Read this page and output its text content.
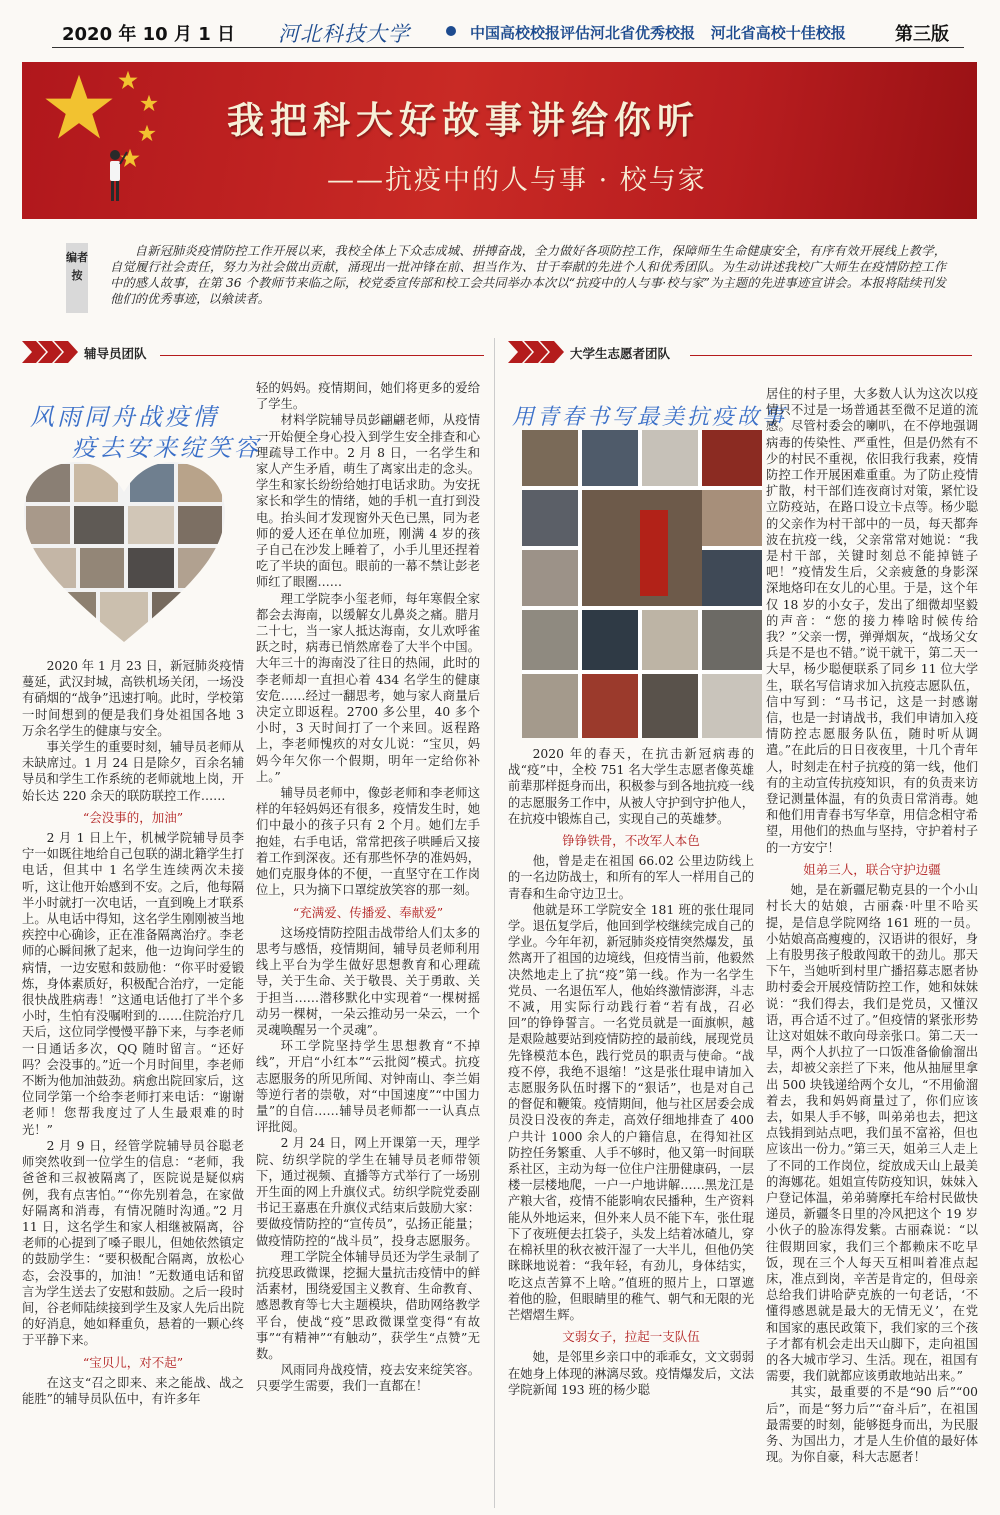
2020 年 10 月 1 日 河北科技大学	中国高校校报评估河北省优秀校报 河北省高校十佳校报	第三版
我把科大好故事讲给你听
——抗疫中的人与事 · 校与家
编者按
自新冠肺炎疫情防控工作开展以来，我校全体上下众志成城、拼搏奋战，全力做好各项防控工作，保障师生生命健康安全，有序有效开展线上教学，自觉履行社会责任，努力为社会做出贡献，涌现出一批冲锋在前、担当作为、甘于奉献的先进个人和优秀团队。为生动讲述我校广大师生在疫情防控工作中的感人故事，在第 36 个教师节来临之际，校党委宣传部和校工会共同举办本次以“抗疫中的人与事·校与家”为主题的先进事迹宣讲会。本报将陆续刊发他们的优秀事迹，以飨读者。
辅导员团队	大学生志愿者团队
风雨同舟战疫情
疫去安来绽笑容

2020 年 1 月 23 日，新冠肺炎疫情蔓延，武汉封城，高铁机场关闭，一场没有硝烟的“战争”迅速打响。此时，学校第一时间想到的便是我们身处祖国各地 3 万余名学生的健康与安全。

事关学生的重要时刻，辅导员老师从未缺席过。1 月 24 日是除夕，百余名辅导员和学生工作系统的老师就地上岗，开始长达 220 余天的联防联控工作……

“会没事的，加油”

2 月 1 日上午，机械学院辅导员李宁一如既往地给自己包联的湖北籍学生打电话，但其中 1 名学生连续两次未接听，这让他开始感到不安。之后，他每隔半小时就打一次电话，一直到晚上才联系上。从电话中得知，这名学生刚刚被当地疾控中心确诊，正在准备隔离治疗。李老师的心瞬间揪了起来，他一边询问学生的病情，一边安慰和鼓励他：“你平时爱锻炼，身体素质好，积极配合治疗，一定能很快战胜病毒！”这通电话他打了半个多小时，生怕有没嘱咐到的……住院治疗几天后，这位同学慢慢平静下来，与李老师一日通话多次，QQ 随时留言。“还好吗？会没事的。”近一个月时间里，李老师不断为他加油鼓劲。病愈出院回家后，这位同学第一个给李老师打来电话：“谢谢老师！您帮我度过了人生最艰难的时光！”

2 月 9 日，经管学院辅导员谷聪老师突然收到一位学生的信息：“老师，我爸爸和三叔被隔离了，医院说是疑似病例，我有点害怕。”“你先别着急，在家做好隔离和消毒，有情况随时沟通。”2 月 11 日，这名学生和家人相继被隔离，谷老师的心提到了嗓子眼儿，但她依然镇定的鼓励学生：“要积极配合隔离，放松心态，会没事的，加油！”无数通电话和留言为学生送去了安慰和鼓励。之后一段时间，谷老师陆续接到学生及家人先后出院的好消息，她如释重负，悬着的一颗心终于平静下来。

“宝贝儿，对不起”

在这支“召之即来、来之能战、战之能胜”的辅导员队伍中，有许多年

轻的妈妈。疫情期间，她们将更多的爱给了学生。

材料学院辅导员彭翩翩老师，从疫情一开始便全身心投入到学生安全排查和心理疏导工作中。2 月 8 日，一名学生和家人产生矛盾，萌生了离家出走的念头。学生和家长纷纷给她打电话求助。为安抚家长和学生的情绪，她的手机一直打到没电。抬头间才发现窗外天色已黑，同为老师的爱人还在单位加班，刚满 4 岁的孩子自己在沙发上睡着了，小手儿里还捏着吃了半块的面包。眼前的一幕不禁让彭老师红了眼圈……

理工学院李小玺老师，每年寒假全家都会去海南，以缓解女儿鼻炎之痛。腊月二十七，当一家人抵达海南，女儿欢呼雀跃之时，病毒已悄然席卷了大半个中国。大年三十的海南没了往日的热闹，此时的李老师却一直担心着 434 名学生的健康安危……经过一翻思考，她与家人商量后决定立即返程。2700 多公里，40 多个小时，3 天时间打了一个来回。返程路上，李老师愧疚的对女儿说：“宝贝，妈妈今年欠你一个假期，明年一定给你补上。”

辅导员老师中，像彭老师和李老师这样的年轻妈妈还有很多，疫情发生时，她们中最小的孩子只有 2 个月。她们左手抱娃，右手电话，常常把孩子哄睡后又接着工作到深夜。还有那些怀孕的准妈妈，她们克服身体的不便，一直坚守在工作岗位上，只为摘下口罩绽放笑容的那一刻。

“充满爱、传播爱、奉献爱”

这场疫情防控阻击战带给人们太多的思考与感悟，疫情期间，辅导员老师利用线上平台为学生做好思想教育和心理疏导，关于生命、关于敬畏、关于勇敢、关于担当……潜移默化中实现着“一棵树摇动另一棵树，一朵云推动另一朵云，一个灵魂唤醒另一个灵魂”。

环工学院坚持学生思想教育“不掉线”，开启“小红本”“云批阅”模式。抗疫志愿服务的所见所闻、对钟南山、李兰娟等逆行者的崇敬，对“中国速度”“中国力量”的自信……辅导员老师都一一认真点评批阅。

2 月 24 日，网上开课第一天，理学院、纺织学院的学生在辅导员老师带领下，通过视频、直播等方式举行了一场别开生面的网上升旗仪式。纺织学院党委副书记王嘉惠在升旗仪式结束后鼓励大家：要做疫情防控的“宣传员”，弘扬正能量；做疫情防控的“战斗员”，投身志愿服务。

理工学院全体辅导员还为学生录制了抗疫思政微课，挖掘大量抗击疫情中的鲜活素材，围绕爱国主义教育、生命教育、感恩教育等七大主题模块，借助网络教学平台，使战“疫”思政微课堂变得“有故事”“有精神”“有触动”，获学生“点赞”无数。

风雨同舟战疫情，疫去安来绽笑容。只要学生需要，我们一直都在！

用青春书写最美抗疫故事

2020 年的春天，在抗击新冠病毒的战“疫”中，全校 751 名大学生志愿者像英雄前辈那样挺身而出，积极参与到各地抗疫一线的志愿服务工作中，从被人守护到守护他人，在抗疫中锻炼自己，实现自己的英雄梦。

铮铮铁骨，不改军人本色

他，曾是走在祖国 66.02 公里边防线上的一名边防战士，和所有的军人一样用自己的青春和生命守边卫士。

他就是环工学院安全 181 班的张仕琨同学。退伍复学后，他回到学校继续完成自己的学业。今年年初，新冠肺炎疫情突然爆发，虽然离开了祖国的边境线，但疫情当前，他毅然决然地走上了抗“疫”第一线。作为一名学生党员、一名退伍军人，他始终激情澎湃，斗志不减，用实际行动践行着“若有战，召必回”的铮铮誓言。一名党员就是一面旗帜，越是艰险越要站到疫情防控的最前线，展现党员先锋模范本色，践行党员的职责与使命。“战疫不停，我绝不退缩！”这是张仕琨申请加入志愿服务队伍时撂下的“狠话”，也是对自己的督促和鞭策。疫情期间，他与社区居委会成员没日没夜的奔走，高效仔细地排查了 400 户共计 1000 余人的户籍信息，在得知社区防控任务繁重、人手不够时，他又第一时间联系社区，主动为每一位住户注册健康码，一层楼一层楼地爬，一户一户地讲解……黑龙江是产粮大省，疫情不能影响农民播种，生产资料能从外地运来，但外来人员不能下车，张仕琨下了夜班便去扛袋子，头发上结着冰碴儿，穿在棉袄里的秋衣被汗湿了一大半儿，但他仍笑眯眯地说着：“我年轻，有劲儿，身体结实，吃这点苦算不上啥。”值班的照片上，口罩遮着他的脸，但眼睛里的稚气、朝气和无限的光芒熠熠生辉。

文弱女子，拉起一支队伍

她，是邻里乡亲口中的乖乖女，文文弱弱在她身上体现的淋漓尽致。疫情爆发后，文法学院新闻 193 班的杨少聪

居住的村子里，大多数人认为这次以疫情只不过是一场普通甚至微不足道的流感。尽管村委会的喇叭，在不停地强调病毒的传染性、严重性，但是仍然有不少的村民不重视，依旧我行我素，疫情防控工作开展困难重重。为了防止疫情扩散，村干部们连夜商讨对策，紧忙设立防疫站，在路口设立卡点等。杨少聪的父亲作为村干部中的一员，每天都奔波在抗疫一线，父亲常常对她说：“我是村干部，关键时刻总不能掉链子吧！”疫情发生后，父亲疲惫的身影深深地烙印在女儿的心里。于是，这个年仅 18 岁的小女子，发出了细微却坚毅的声音：“您的接力棒啥时候传给我？”父亲一愣，弹弹烟灰，“战场父女兵是不是也不错。”说干就干，第二天一大早，杨少聪便联系了同乡 11 位大学生，联名写信请求加入抗疫志愿队伍，信中写到：“马书记，这是一封感谢信，也是一封请战书，我们申请加入疫情防控志愿服务队伍，随时听从调遣。”在此后的日日夜夜里，十几个青年人，时刻走在村子抗疫的第一线，他们有的主动宣传抗疫知识，有的负责来访登记测量体温，有的负责日常消毒。她和他们用青春书写华章，用信念相守希望，用他们的热血与坚持，守护着村子的一方安宁！

姐弟三人，联合守护边疆

她，是在新疆尼勒克县的一个小山村长大的姑娘，古丽森·叶里不哈买提，是信息学院网络 161 班的一员。小姑娘高高瘦瘦的，汉语讲的很好，身上有股男孩子般敢闯敢干的劲儿。那天下午，当她听到村里广播招募志愿者协助村委会开展疫情防控工作，她和妹妹说：“我们得去，我们是党员，又懂汉语，再合适不过了。”但疫情的紧张形势让这对姐妹不敢向母亲张口。第二天一早，两个人扒拉了一口饭准备偷偷溜出去，却被父亲拦了下来，他从抽屉里拿出 500 块钱递给两个女儿，“不用偷溜着去，我和妈妈商量过了，你们应该去，如果人手不够，叫弟弟也去，把这点钱捐到站点吧，我们虽不富裕，但也应该出一份力。”第三天，姐弟三人走上了不同的工作岗位，绽放成天山上最美的海娜花。姐姐宣传防疫知识，妹妹入户登记体温，弟弟骑摩托车给村民做快递员，新疆冬日里的冷风把这个 19 岁小伙子的脸冻得发紫。古丽森说：“以往假期回家，我们三个都赖床不吃早饭，现在三个人每天互相叫着准点起床，准点到岗，辛苦是肯定的，但母亲总给我们讲哈萨克族的一句老话，‘不懂得感恩就是最大的无情无义’，在党和国家的惠民政策下，我们家的三个孩子才都有机会走出天山脚下，走向祖国的各大城市学习、生活。现在，祖国有需要，我们就都应该勇敢地站出来。”

其实，最重要的不是“90 后”“00 后”，而是“努力后”“奋斗后”，在祖国最需要的时刻，能够挺身而出，为民服务、为国出力，才是人生价值的最好体现。为你自豪，科大志愿者！
